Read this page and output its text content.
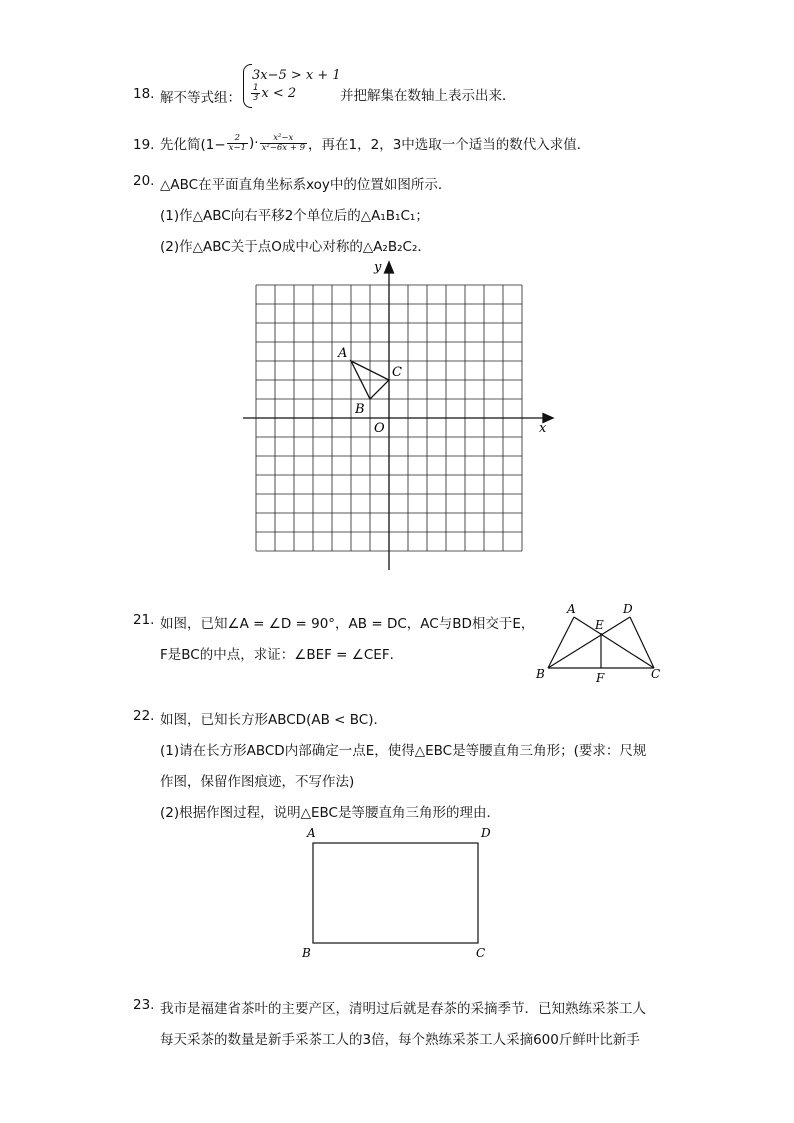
18. 解不等式组：
3x−5 > x + 1
$\frac{1}{3}$ x < 2	并把解集在数轴上表示出来．
19. 先化简($1- \frac{2}{x-1}$ )· $\frac{\text{x²−x}}{\text{x²−6x + 9}}$ ，再在1，2，3中选取一个适当的数代入求值．
20. △ABC在平面直角坐标系xoy中的位置如图所示．
(1)作△ABC向右平移2个单位后的△A₁B₁C₁；
(2)作△ABC关于点O成中心对称的△A₂B₂C₂．
x
y
O
A
B
C
21. 如图，已知∠A = ∠D = 90°，AB = DC，AC与BD相交于E，
F是BC的中点，求证：∠BEF = ∠CEF．
A	D
E
B	F	C
22. 如图，已知长方形ABCD(AB < BC)．
(1)请在长方形ABCD内部确定一点E，使得△EBC是等腰直角三角形；(要求：尺规
作图，保留作图痕迹，不写作法)
(2)根据作图过程，说明△EBC是等腰直角三角形的理由．
A	D
B	C
23. 我市是福建省茶叶的主要产区，清明过后就是春茶的采摘季节．已知熟练采茶工人
每天采茶的数量是新手采茶工人的3倍，每个熟练采茶工人采摘600斤鲜叶比新手
